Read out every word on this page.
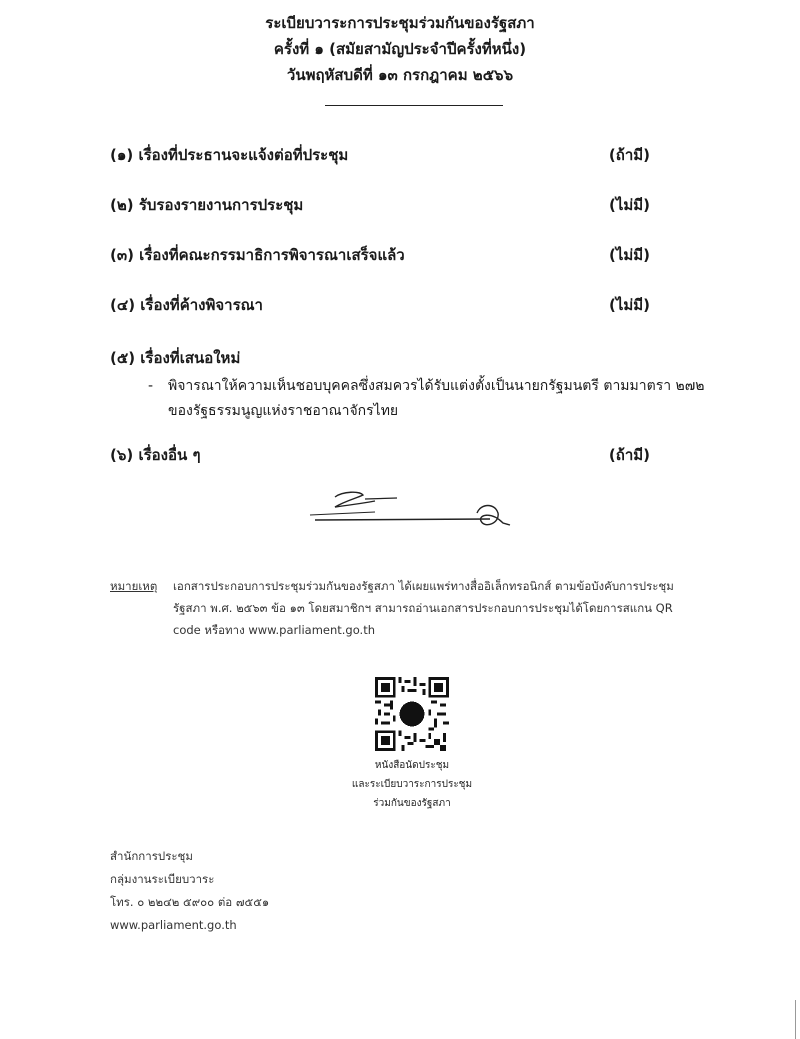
ระเบียบวาระการประชุมร่วมกันของรัฐสภา
ครั้งที่ ๑ (สมัยสามัญประจำปีครั้งที่หนึ่ง)
วันพฤหัสบดีที่ ๑๓ กรกฎาคม ๒๕๖๖
(๑) เรื่องที่ประธานจะแจ้งต่อที่ประชุม	(ถ้ามี)
(๒) รับรองรายงานการประชุม	(ไม่มี)
(๓) เรื่องที่คณะกรรมาธิการพิจารณาเสร็จแล้ว	(ไม่มี)
(๔) เรื่องที่ค้างพิจารณา	(ไม่มี)
(๕) เรื่องที่เสนอใหม่
- พิจารณาให้ความเห็นชอบบุคคลซึ่งสมควรได้รับแต่งตั้งเป็นนายกรัฐมนตรี ตามมาตรา ๒๗๒
ของรัฐธรรมนูญแห่งราชอาณาจักรไทย
(๖) เรื่องอื่น ๆ	(ถ้ามี)
หมายเหตุ เอกสารประกอบการประชุมร่วมกันของรัฐสภา ได้เผยแพร่ทางสื่ออิเล็กทรอนิกส์ ตามข้อบังคับการประชุม
รัฐสภา พ.ศ. ๒๕๖๓ ข้อ ๑๓ โดยสมาชิกฯ สามารถอ่านเอกสารประกอบการประชุมได้โดยการสแกน QR
code หรือทาง www.parliament.go.th
หนังสือนัดประชุม
และระเบียบวาระการประชุม
ร่วมกันของรัฐสภา
สำนักการประชุม
กลุ่มงานระเบียบวาระ
โทร. ๐ ๒๒๔๒ ๕๙๐๐ ต่อ ๗๕๕๑
www.parliament.go.th
